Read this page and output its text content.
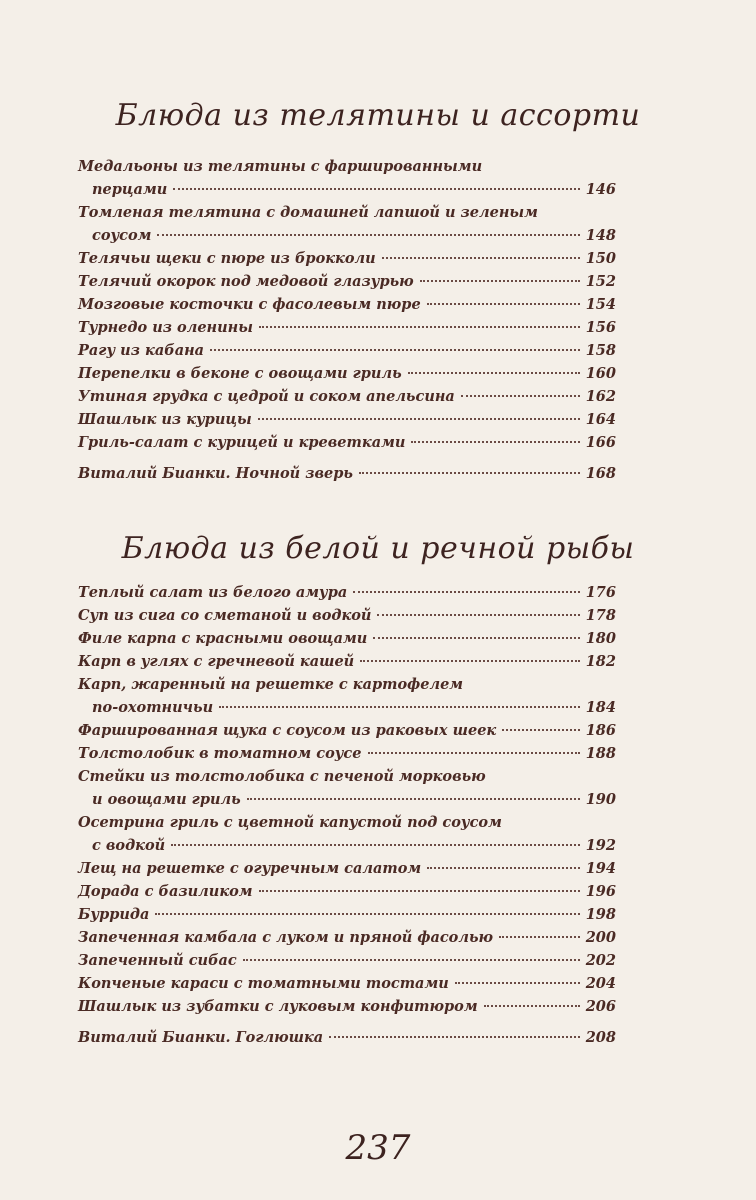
Блюда из телятины и ассорти
Медальоны из телятины с фаршированными
перцами	146
Томленая телятина с домашней лапшой и зеленым
соусом	148
Телячьи щеки с пюре из брокколи	150
Телячий окорок под медовой глазурью	152
Мозговые косточки с фасолевым пюре	154
Турнедо из оленины	156
Рагу из кабана	158
Перепелки в беконе с овощами гриль	160
Утиная грудка с цедрой и соком апельсина	162
Шашлык из курицы	164
Гриль-салат с курицей и креветками	166
Виталий Бианки. Ночной зверь	168
Блюда из белой и речной рыбы
Теплый салат из белого амура	176
Суп из сига со сметаной и водкой	178
Филе карпа с красными овощами	180
Карп в углях с гречневой кашей	182
Карп, жаренный на решетке с картофелем
по-охотничьи	184
Фаршированная щука с соусом из раковых шеек	186
Толстолобик в томатном соусе	188
Стейки из толстолобика с печеной морковью
и овощами гриль	190
Осетрина гриль с цветной капустой под соусом
с водкой	192
Лещ на решетке с огуречным салатом	194
Дорада с базиликом	196
Буррида	198
Запеченная камбала с луком и пряной фасолью	200
Запеченный сибас	202
Копченые караси с томатными тостами	204
Шашлык из зубатки с луковым конфитюром	206
Виталий Бианки. Гоглюшка	208
237
